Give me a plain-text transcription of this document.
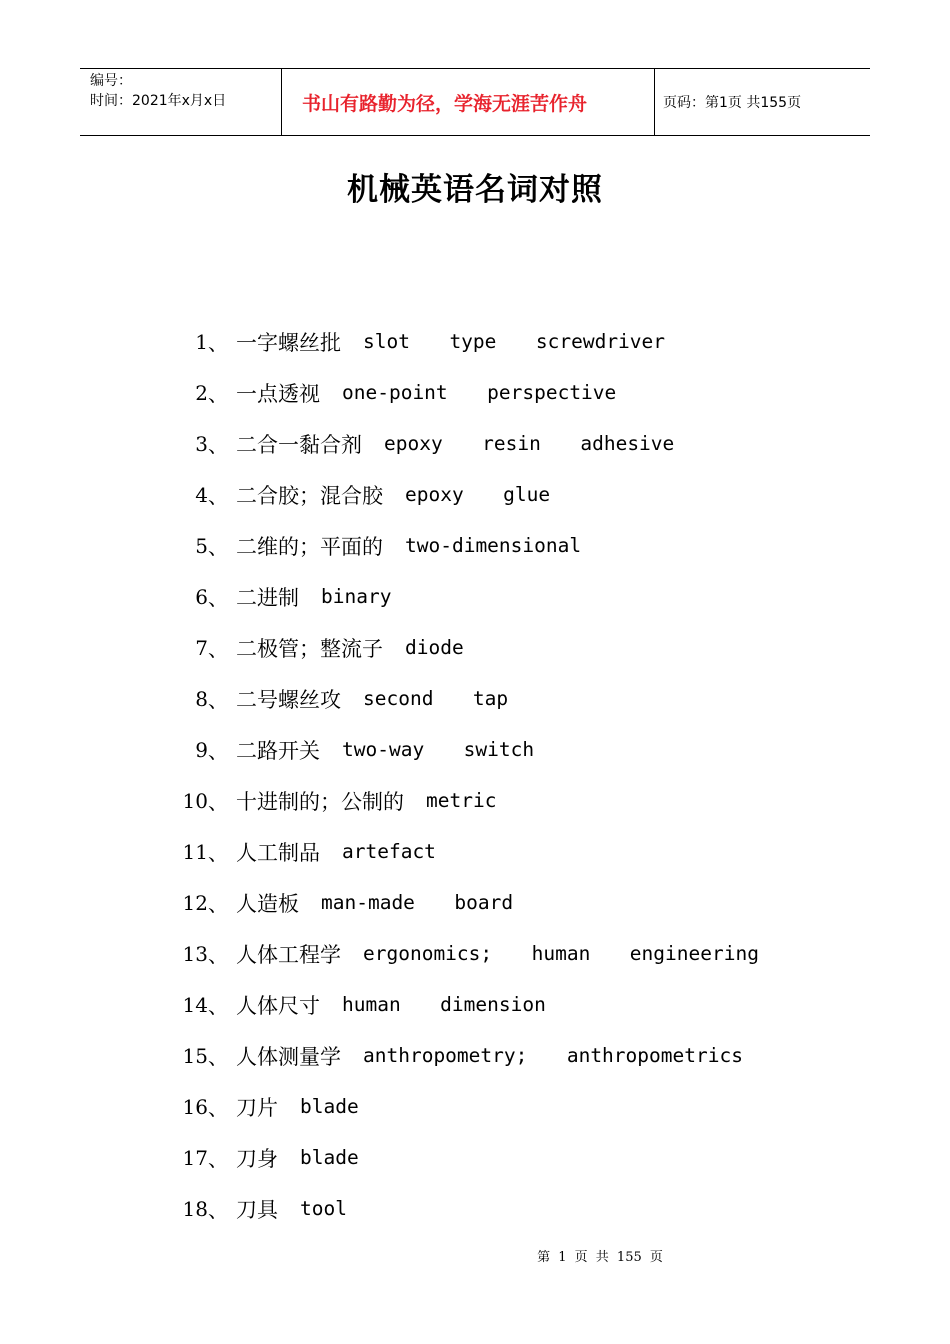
编号：
时间：2021年x月x日	书山有路勤为径，学海无涯苦作舟	页码：第1页 共155页
机械英语名词对照
1 、 一字螺丝批 slot  type  screwdriver
2 、 一点透视 one-point  perspective
3 、 二合一黏合剂 epoxy  resin  adhesive
4 、 二合胶；混合胶 epoxy  glue
5 、 二维的；平面的 two-dimensional
6 、 二进制 binary
7 、 二极管；整流子 diode
8 、 二号螺丝攻 second  tap
9 、 二路开关 two-way  switch
10 、 十进制的；公制的 metric
11 、 人工制品 artefact
12 、 人造板 man-made  board
13 、 人体工程学 ergonomics;  human  engineering
14 、 人体尺寸 human  dimension
15 、 人体测量学 anthropometry;  anthropometrics
16 、 刀片 blade
17 、 刀身 blade
18 、 刀具 tool
第 1 页 共 155 页
